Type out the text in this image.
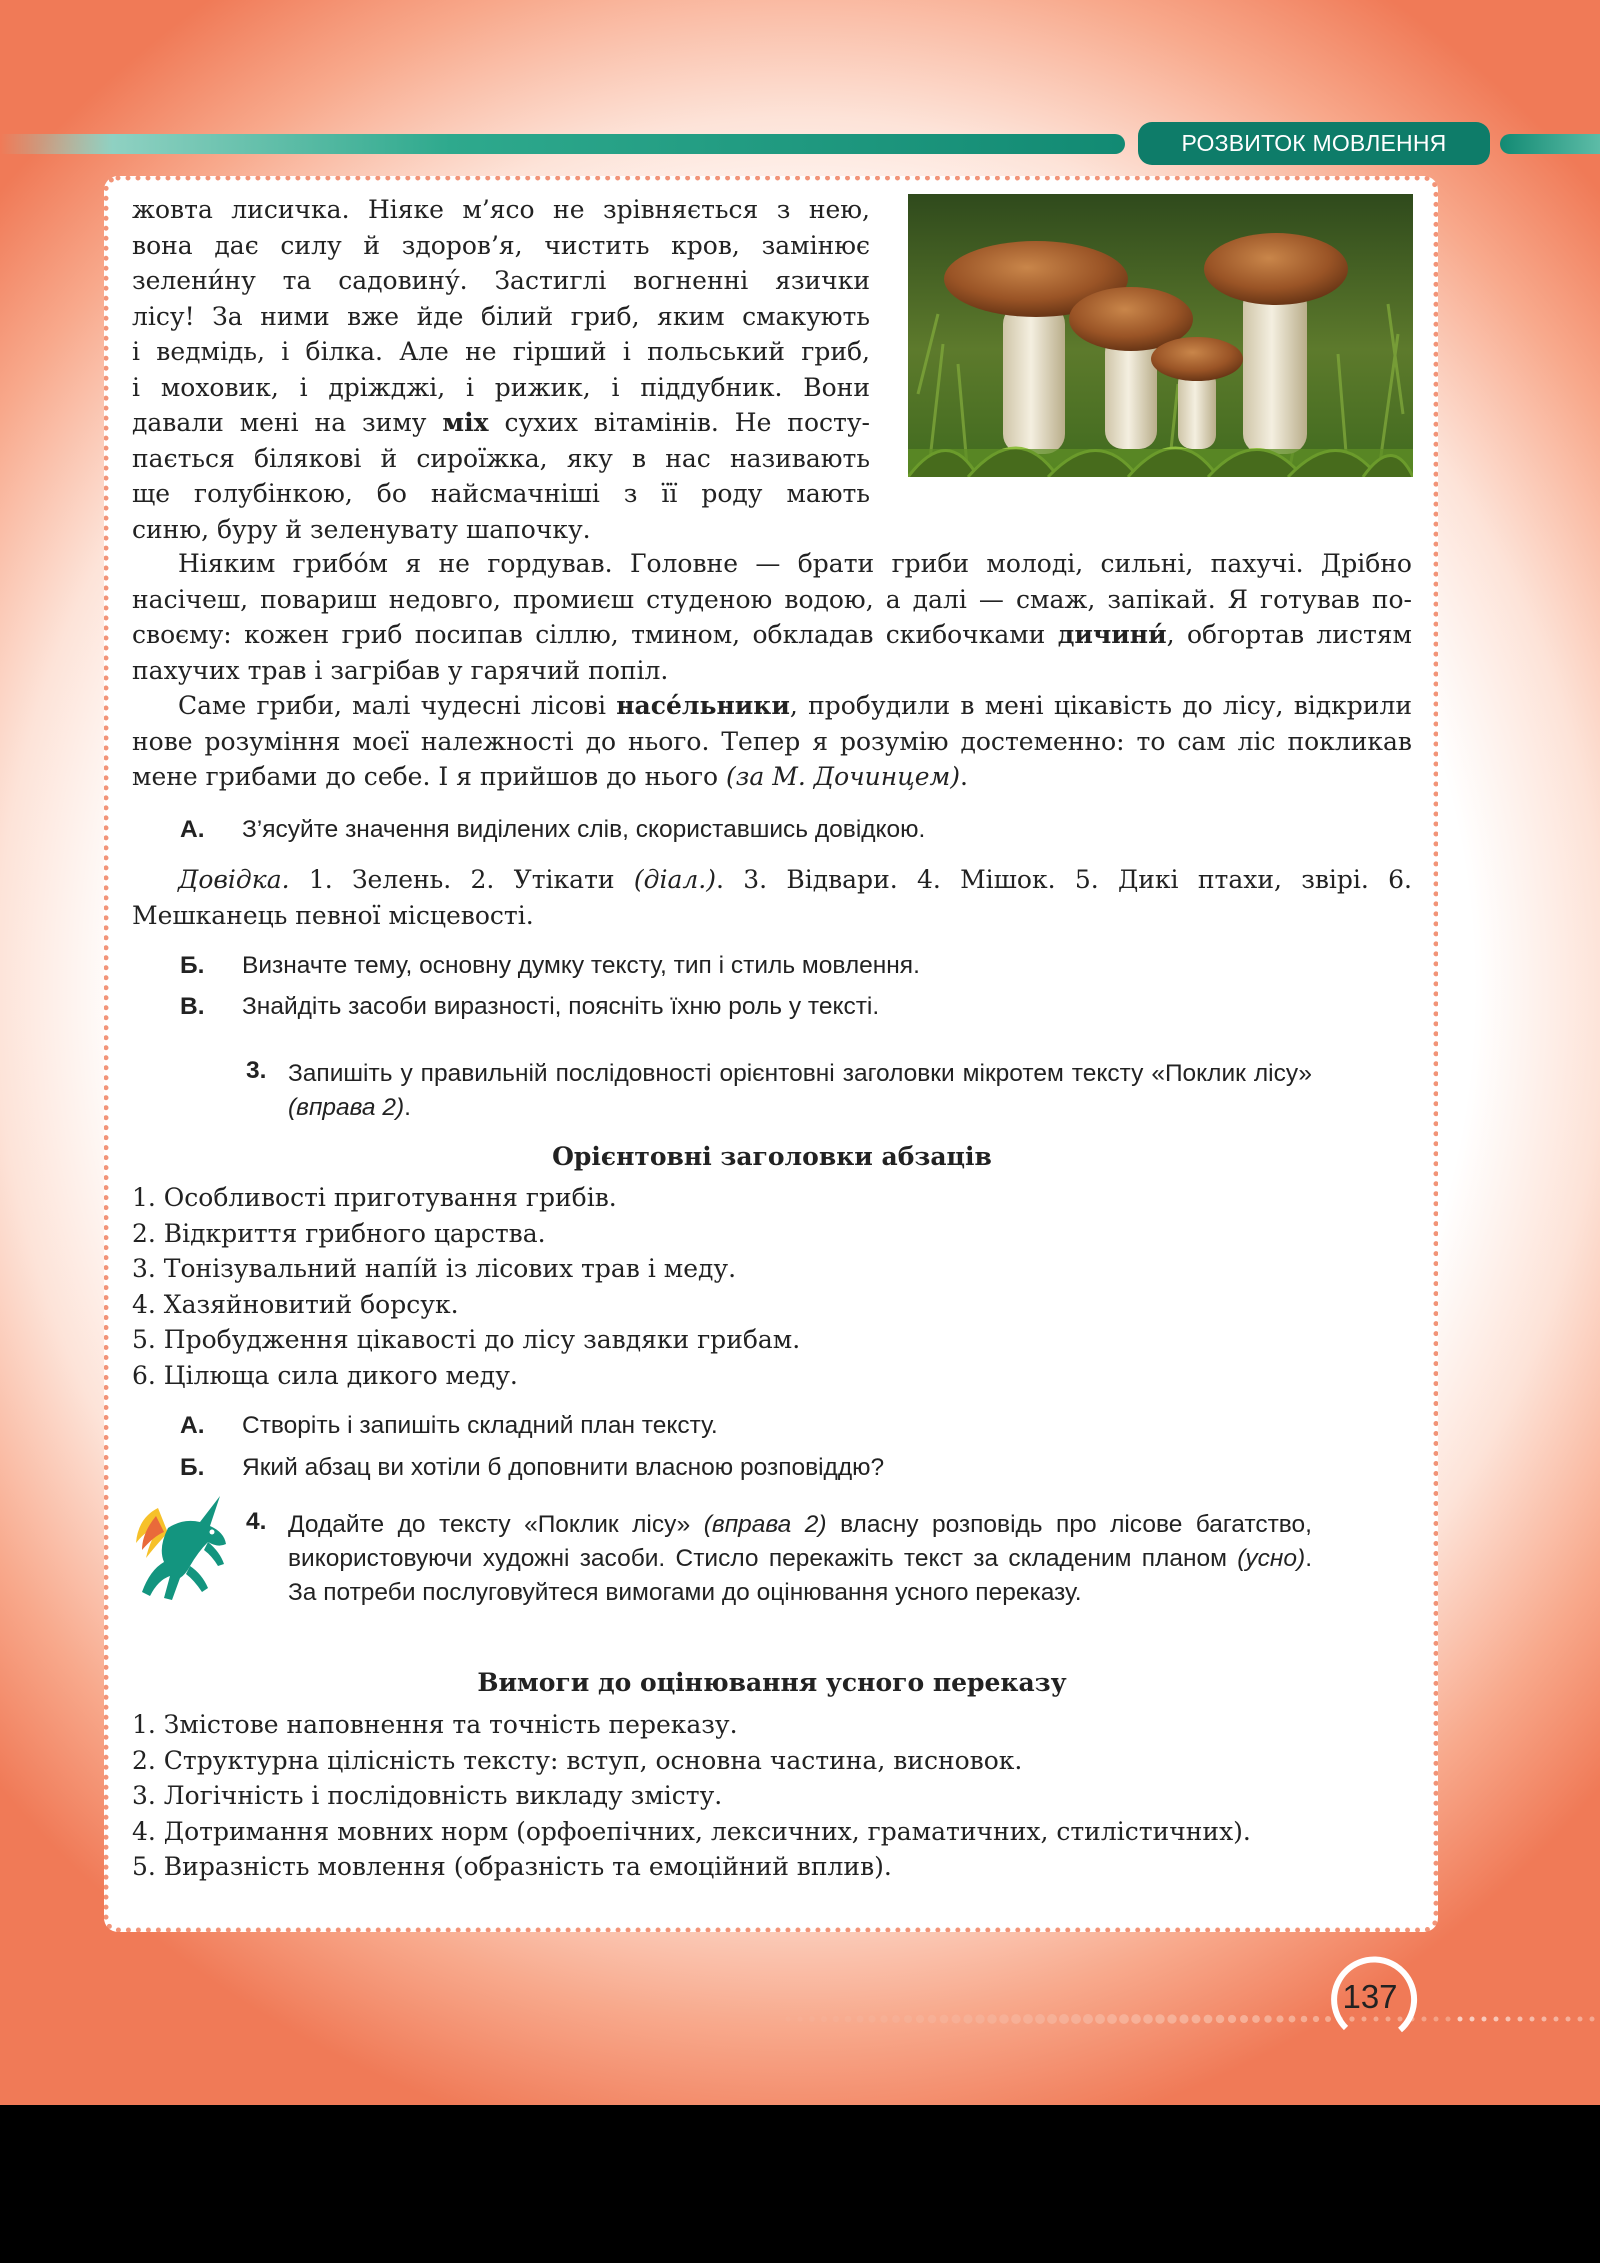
РОЗВИТОК МОВЛЕННЯ

жовта лисичка. Ніяке м’ясо не зрівняється з нею,

вона дає силу й здоров’я, чистить кров, замінює

зелени́ну та садовину́. Застиглі вогненні язички

лісу! За ними вже йде білий гриб, яким смакують

і ведмідь, і білка. Але не гірший і польський гриб,

і моховик, і дріжджі, і рижик, і піддубник. Вони

давали мені на зиму міх сухих вітамінів. Не посту-

пається білякові й сироїжка, яку в нас називають

ще голубінкою, бо найсмачніші з її роду мають

синю, буру й зеленувату шапочку.

Ніяким грибо́м я не гордував. Головне — брати гриби молоді, сильні, пахучі. Дрібно насічеш, повариш недовго, промиєш студеною водою, а далі — смаж, запікай. Я готував по-своєму: кожен гриб посипав сіллю, тмином, обкладав скибочками дичини́, обгортав листям пахучих трав і загрібав у гарячий попіл.

Саме гриби, малі чудесні лісові насе́льники, пробудили в мені цікавість до лісу, відкрили нове розуміння моєї належності до нього. Тепер я розумію достеменно: то сам ліс покликав мене грибами до себе. І я прийшов до нього (за М. Дочинцем).

А.	З’ясуйте значення виділених слів, скориставшись довідкою.
Довідка. 1. Зелень. 2. Утікати (діал.). 3. Відвари. 4. Мішок. 5. Дикі птахи, звірі. 6. Мешканець певної місцевості.
Б.	Визначте тему, основну думку тексту, тип і стиль мовлення.
В.	Знайдіть засоби виразності, поясніть їхню роль у тексті.
3. Запишіть у правильній послідовності орієнтовні заголовки мікротем тексту «Поклик лісу» (вправа 2).
Орієнтовні заголовки абзаців
1. Особливості приготування грибів.
2. Відкриття грибного царства.
3. Тонізувальний напі́й із лісових трав і меду.
4. Хазяйновитий борсук.
5. Пробудження цікавості до лісу завдяки грибам.
6. Цілюща сила дикого меду.
А.	Створіть і запишіть складний план тексту.
Б.	Який абзац ви хотіли б доповнити власною розповіддю?
4. Додайте до тексту «Поклик лісу» (вправа 2) власну розповідь про лісове багатство, використовуючи художні засоби. Стисло перекажіть текст за складеним планом (усно). За потреби послуговуйтеся вимогами до оцінювання усного переказу.
Вимоги до оцінювання усного переказу
1. Змістове наповнення та точність переказу.
2. Структурна цілісність тексту: вступ, основна частина, висновок.
3. Логічність і послідовність викладу змісту.
4. Дотримання мовних норм (орфоепічних, лексичних, граматичних, стилістичних).
5. Виразність мовлення (образність та емоційний вплив).
137
